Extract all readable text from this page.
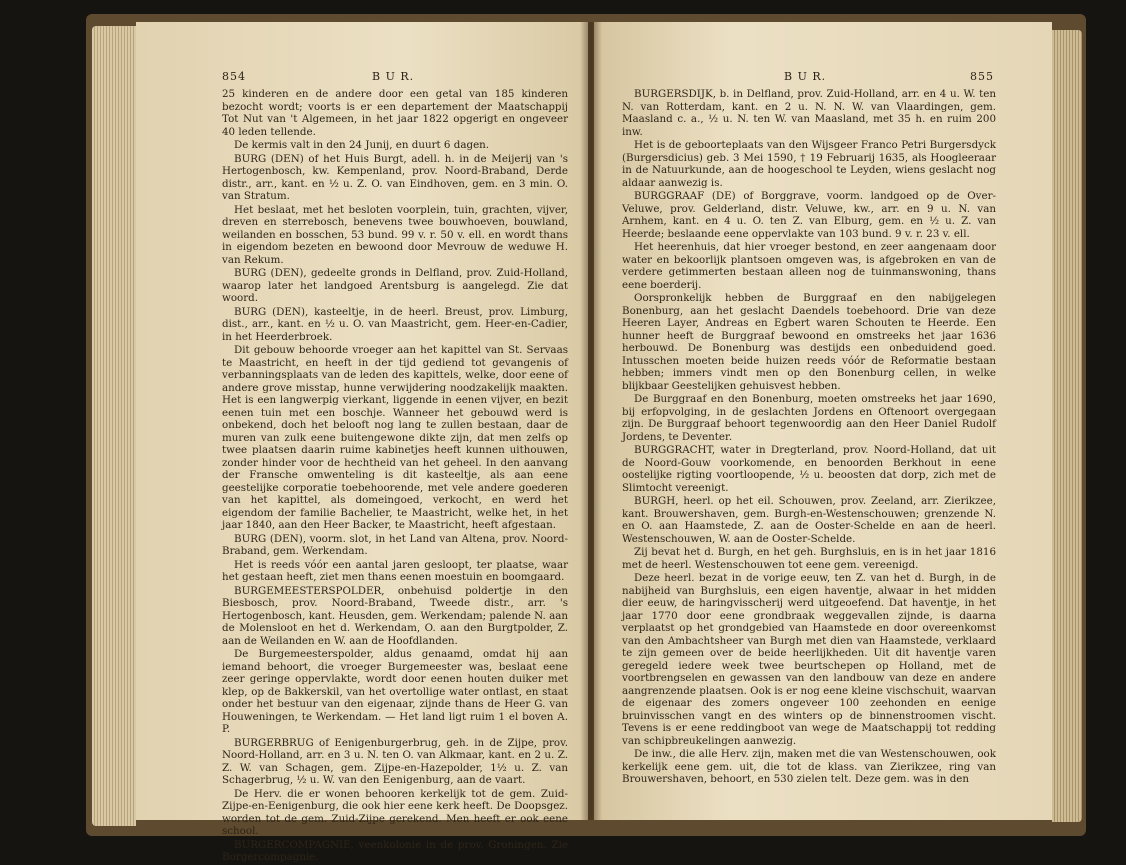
854	B U R.

25 kinderen en de andere door een getal van 185 kinderen bezocht wordt; voorts is er een departement der Maatschappij Tot Nut van 't Algemeen, in het jaar 1822 opgerigt en ongeveer 40 leden tellende.

De kermis valt in den 24 Junij, en duurt 6 dagen.

BURG (DEN) of het Huis Burgt, adell. h. in de Meijerij van 's Hertogenbosch, kw. Kempenland, prov. Noord-Braband, Derde distr., arr., kant. en ½ u. Z. O. van Eindhoven, gem. en 3 min. O. van Stratum.

Het beslaat, met het besloten voorplein, tuin, grachten, vijver, dreven en sterrebosch, benevens twee bouwhoeven, bouwland, weilanden en bosschen, 53 bund. 99 v. r. 50 v. ell. en wordt thans in eigendom bezeten en bewoond door Mevrouw de weduwe H. van Rekum.

BURG (DEN), gedeelte gronds in Delfland, prov. Zuid-Holland, waarop later het landgoed Arentsburg is aangelegd. Zie dat woord.

BURG (DEN), kasteeltje, in de heerl. Breust, prov. Limburg, dist., arr., kant. en ½ u. O. van Maastricht, gem. Heer-en-Cadier, in het Heerderbroek.

Dit gebouw behoorde vroeger aan het kapittel van St. Servaas te Maastricht, en heeft in der tijd gediend tot gevangenis of verbanningsplaats van de leden des kapittels, welke, door eene of andere grove misstap, hunne verwijdering noodzakelijk maakten. Het is een langwerpig vierkant, liggende in eenen vijver, en bezit eenen tuin met een boschje. Wanneer het gebouwd werd is onbekend, doch het belooft nog lang te zullen bestaan, daar de muren van zulk eene buitengewone dikte zijn, dat men zelfs op twee plaatsen daarin ruime kabinetjes heeft kunnen uithouwen, zonder hinder voor de hechtheid van het geheel. In den aanvang der Fransche omwenteling is dit kasteeltje, als aan eene geestelijke corporatie toebehoorende, met vele andere goederen van het kapittel, als domeingoed, verkocht, en werd het eigendom der familie Bachelier, te Maastricht, welke het, in het jaar 1840, aan den Heer Backer, te Maastricht, heeft afgestaan.

BURG (DEN), voorm. slot, in het Land van Altena, prov. Noord-Braband, gem. Werkendam.

Het is reeds vóór een aantal jaren gesloopt, ter plaatse, waar het gestaan heeft, ziet men thans eenen moestuin en boomgaard.

BURGEMEESTERSPOLDER, onbehuisd poldertje in den Biesbosch, prov. Noord-Braband, Tweede distr., arr. 's Hertogenbosch, kant. Heusden, gem. Werkendam; palende N. aan de Molensloot en het d. Werkendam, O. aan den Burgtpolder, Z. aan de Weilanden en W. aan de Hoofdlanden.

De Burgemeesterspolder, aldus genaamd, omdat hij aan iemand behoort, die vroeger Burgemeester was, beslaat eene zeer geringe oppervlakte, wordt door eenen houten duiker met klep, op de Bakkerskil, van het overtollige water ontlast, en staat onder het bestuur van den eigenaar, zijnde thans de Heer G. van Houweningen, te Werkendam. — Het land ligt ruim 1 el boven A. P.

BURGERBRUG of Eenigenburgerbrug, geh. in de Zijpe, prov. Noord-Holland, arr. en 3 u. N. ten O. van Alkmaar, kant. en 2 u. Z. Z. W. van Schagen, gem. Zijpe-en-Hazepolder, 1½ u. Z. van Schagerbrug, ½ u. W. van den Eenigenburg, aan de vaart.

De Herv. die er wonen behooren kerkelijk tot de gem. Zuid-Zijpe-en-Eenigenburg, die ook hier eene kerk heeft. De Doopsgez. worden tot de gem. Zuid-Zijpe gerekend. Men heeft er ook eene school.

BURGERCOMPAGNIE, veenkolonie in de prov. Groningen. Zie Borgercompagnie.

B U R.	855

BURGERSDIJK, b. in Delfland, prov. Zuid-Holland, arr. en 4 u. W. ten N. van Rotterdam, kant. en 2 u. N. N. W. van Vlaardingen, gem. Maasland c. a., ½ u. N. ten W. van Maasland, met 35 h. en ruim 200 inw.

Het is de geboorteplaats van den Wijsgeer Franco Petri Burgersdyck (Burgersdicius) geb. 3 Mei 1590, † 19 Februarij 1635, als Hoogleeraar in de Natuurkunde, aan de hoogeschool te Leyden, wiens geslacht nog aldaar aanwezig is.

BURGGRAAF (DE) of Borggrave, voorm. landgoed op de Over-Veluwe, prov. Gelderland, distr. Veluwe, kw., arr. en 9 u. N. van Arnhem, kant. en 4 u. O. ten Z. van Elburg, gem. en ½ u. Z. van Heerde; beslaande eene oppervlakte van 103 bund. 9 v. r. 23 v. ell.

Het heerenhuis, dat hier vroeger bestond, en zeer aangenaam door water en bekoorlijk plantsoen omgeven was, is afgebroken en van de verdere getimmerten bestaan alleen nog de tuinmanswoning, thans eene boerderij.

Oorspronkelijk hebben de Burggraaf en den nabijgelegen Bonenburg, aan het geslacht Daendels toebehoord. Drie van deze Heeren Layer, Andreas en Egbert waren Schouten te Heerde. Een hunner heeft de Burggraaf bewoond en omstreeks het jaar 1636 herbouwd. De Bonenburg was destijds een onbeduidend goed. Intusschen moeten beide huizen reeds vóór de Reformatie bestaan hebben; immers vindt men op den Bonenburg cellen, in welke blijkbaar Geestelijken gehuisvest hebben.

De Burggraaf en den Bonenburg, moeten omstreeks het jaar 1690, bij erfopvolging, in de geslachten Jordens en Oftenoort overgegaan zijn. De Burggraaf behoort tegenwoordig aan den Heer Daniel Rudolf Jordens, te Deventer.

BURGGRACHT, water in Dregterland, prov. Noord-Holland, dat uit de Noord-Gouw voorkomende, en benoorden Berkhout in eene oostelijke rigting voortloopende, ½ u. beoosten dat dorp, zich met de Slimtocht vereenigt.

BURGH, heerl. op het eil. Schouwen, prov. Zeeland, arr. Zierikzee, kant. Brouwershaven, gem. Burgh-en-Westenschouwen; grenzende N. en O. aan Haamstede, Z. aan de Ooster-Schelde en aan de heerl. Westenschouwen, W. aan de Ooster-Schelde.

Zij bevat het d. Burgh, en het geh. Burghsluis, en is in het jaar 1816 met de heerl. Westenschouwen tot eene gem. vereenigd.

Deze heerl. bezat in de vorige eeuw, ten Z. van het d. Burgh, in de nabijheid van Burghsluis, een eigen haventje, alwaar in het midden dier eeuw, de haringvisscherij werd uitgeoefend. Dat haventje, in het jaar 1770 door eene grondbraak weggevallen zijnde, is daarna verplaatst op het grondgebied van Haamstede en door overeenkomst van den Ambachtsheer van Burgh met dien van Haamstede, verklaard te zijn gemeen over de beide heerlijkheden. Uit dit haventje varen geregeld iedere week twee beurtschepen op Holland, met de voortbrengselen en gewassen van den landbouw van deze en andere aangrenzende plaatsen. Ook is er nog eene kleine vischschuit, waarvan de eigenaar des zomers ongeveer 100 zeehonden en eenige bruinvisschen vangt en des winters op de binnenstroomen vischt. Tevens is er eene reddingboot van wege de Maatschappij tot redding van schipbreukelingen aanwezig.

De inw., die alle Herv. zijn, maken met die van Westenschouwen, ook kerkelijk eene gem. uit, die tot de klass. van Zierikzee, ring van Brouwershaven, behoort, en 530 zielen telt. Deze gem. was in den
